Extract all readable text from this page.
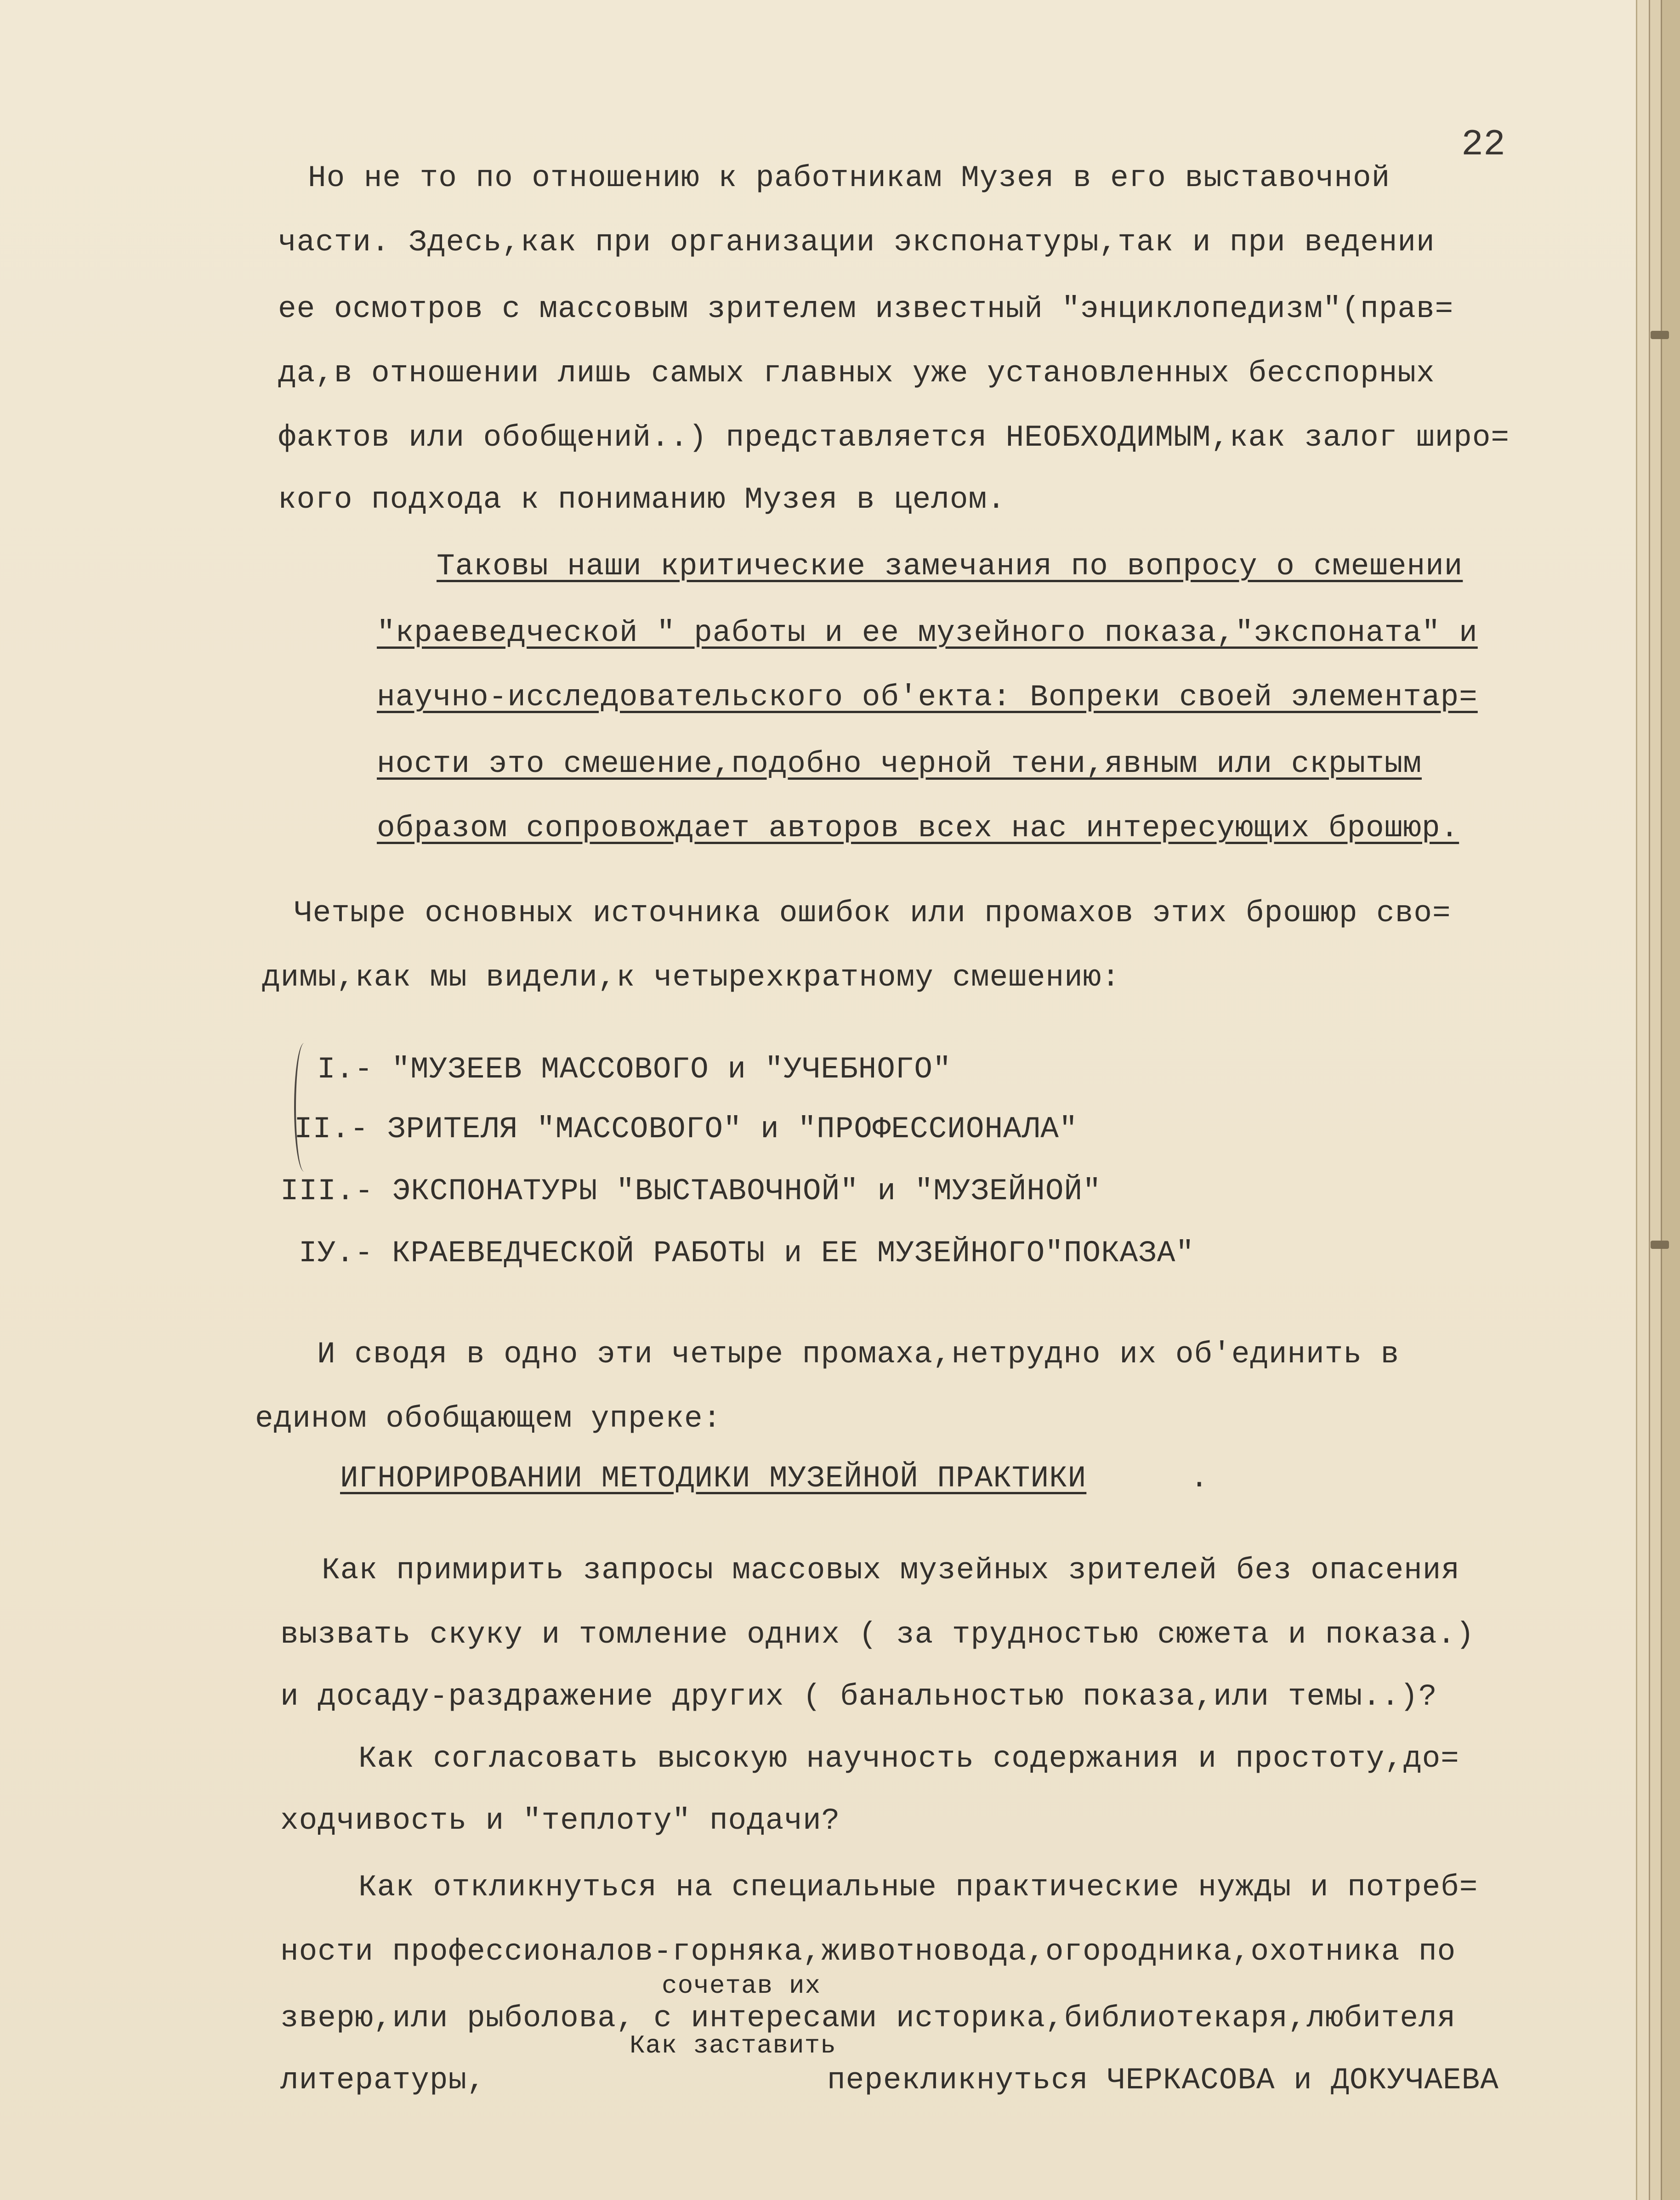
22
Но не то по отношению к работникам Музея в его выставочной
части. Здесь,как при организации экспонатуры,так и при ведении
ее осмотров с массовым зрителем известный "энциклопедизм"(прав=
да,в отношении лишь самых главных уже установленных бесспорных
фактов или обобщений..) представляется НЕОБХОДИМЫМ,как залог широ=
кого подхода к пониманию Музея в целом.
Таковы наши критические замечания по вопросу о смешении
"краеведческой " работы и ее музейного показа,"экспоната" и
научно-исследовательского об'екта: Вопреки своей элементар=
ности это смешение,подобно черной тени,явным или скрытым
образом сопровождает авторов всех нас интересующих брошюр.
Четыре основных источника ошибок или промахов этих брошюр сво=
димы,как мы видели,к четырехкратному смешению:
I.- "МУЗЕЕВ МАССОВОГО и "УЧЕБНОГО"
II.- ЗРИТЕЛЯ "МАССОВОГО" и "ПРОФЕССИОНАЛА"
III.- ЭКСПОНАТУРЫ "ВЫСТАВОЧНОЙ" и "МУЗЕЙНОЙ"
IУ.- КРАЕВЕДЧЕСКОЙ РАБОТЫ и ЕЕ МУЗЕЙНОГО"ПОКАЗА"
И сводя в одно эти четыре промаха,нетрудно их об'единить в
едином обобщающем упреке:
ИГНОРИРОВАНИИ МЕТОДИКИ МУЗЕЙНОЙ ПРАКТИКИ	.
Как примирить запросы массовых музейных зрителей без опасения
вызвать скуку и томление одних ( за трудностью сюжета и показа.)
и досаду-раздражение других ( банальностью показа,или темы..)?
Как согласовать высокую научность содержания и простоту,до=
ходчивость и "теплоту" подачи?
Как откликнуться на специальные практические нужды и потреб=
ности профессионалов-горняка,животновода,огородника,охотника по
сочетав их
зверю,или рыболова, с интересами историка,библиотекаря,любителя
Как заставить
литературы,	перекликнуться ЧЕРКАСОВА и ДОКУЧАЕВА
